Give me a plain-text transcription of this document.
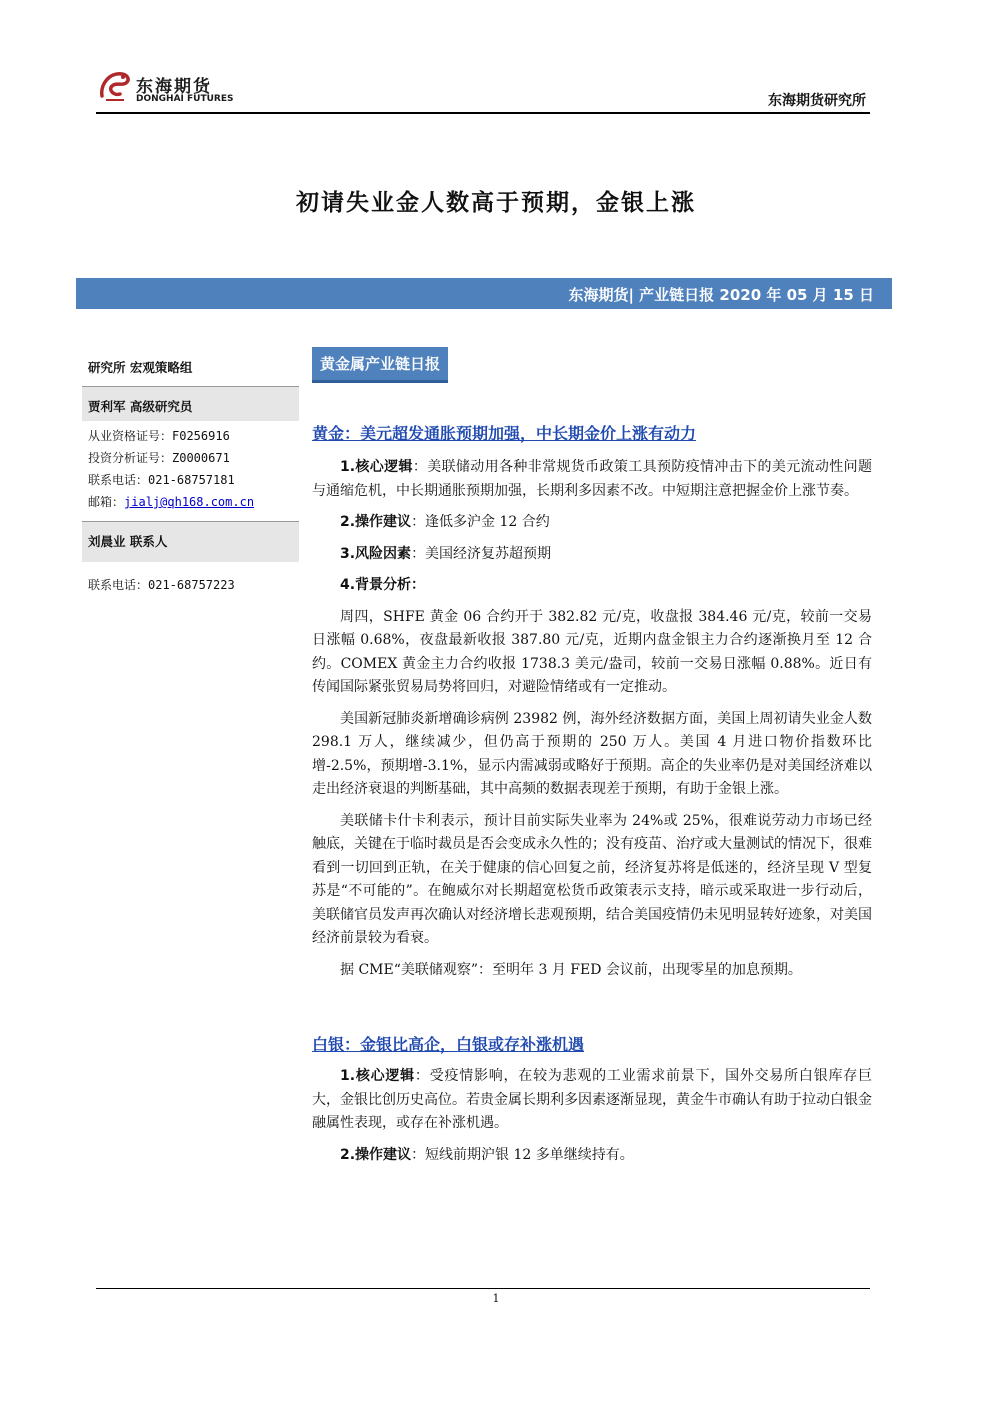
东海期货
DONGHAI FUTURES	东海期货研究所
初请失业金人数高于预期，金银上涨
东海期货| 产业链日报 2020 年 05 月 15 日
研究所 宏观策略组
贾利军 高级研究员
从业资格证号：F0256916
投资分析证号：Z0000671
联系电话：021-68757181
邮箱：jialj@qh168.com.cn
刘晨业 联系人
联系电话：021-68757223
黄金属产业链日报

黄金：美元超发通胀预期加强，中长期金价上涨有动力

1.核心逻辑：美联储动用各种非常规货币政策工具预防疫情冲击下的美元流动性问题与通缩危机，中长期通胀预期加强，长期利多因素不改。中短期注意把握金价上涨节奏。

2.操作建议：逢低多沪金 12 合约

3.风险因素：美国经济复苏超预期

4.背景分析：

周四，SHFE 黄金 06 合约开于 382.82 元/克，收盘报 384.46 元/克，较前一交易日涨幅 0.68%，夜盘最新收报 387.80 元/克，近期内盘金银主力合约逐渐换月至 12 合约。COMEX 黄金主力合约收报 1738.3 美元/盎司，较前一交易日涨幅 0.88%。近日有传闻国际紧张贸易局势将回归，对避险情绪或有一定推动。

美国新冠肺炎新增确诊病例 23982 例，海外经济数据方面，美国上周初请失业金人数 298.1 万人，继续减少，但仍高于预期的 250 万人。美国 4 月进口物价指数环比增-2.5%，预期增-3.1%，显示内需减弱或略好于预期。高企的失业率仍是对美国经济难以走出经济衰退的判断基础，其中高频的数据表现差于预期，有助于金银上涨。

美联储卡什卡利表示，预计目前实际失业率为 24%或 25%，很难说劳动力市场已经触底，关键在于临时裁员是否会变成永久性的；没有疫苗、治疗或大量测试的情况下，很难看到一切回到正轨，在关于健康的信心回复之前，经济复苏将是低迷的，经济呈现 V 型复苏是“不可能的”。在鲍威尔对长期超宽松货币政策表示支持，暗示或采取进一步行动后，美联储官员发声再次确认对经济增长悲观预期，结合美国疫情仍未见明显转好迹象，对美国经济前景较为看衰。

据 CME“美联储观察”：至明年 3 月 FED 会议前，出现零星的加息预期。

白银：金银比高企，白银或存补涨机遇

1.核心逻辑：受疫情影响，在较为悲观的工业需求前景下，国外交易所白银库存巨大，金银比创历史高位。若贵金属长期利多因素逐渐显现，黄金牛市确认有助于拉动白银金融属性表现，或存在补涨机遇。

2.操作建议：短线前期沪银 12 多单继续持有。

1
